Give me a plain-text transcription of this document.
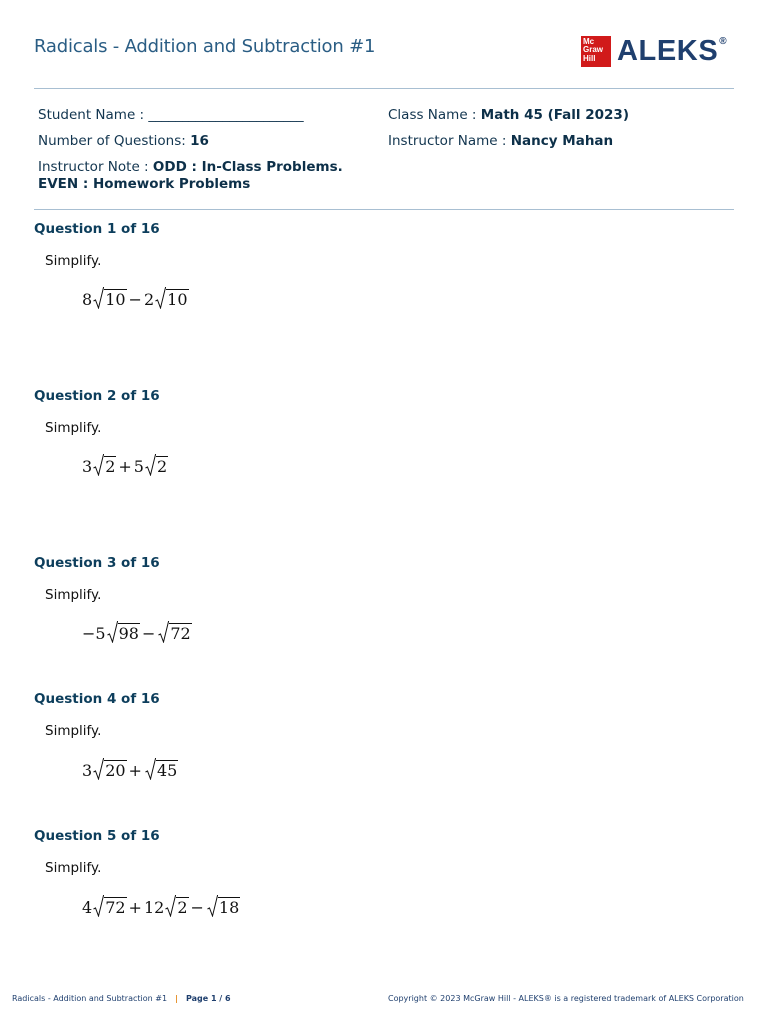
Radicals - Addition and Subtraction #1	Mc
Graw
Hill ALEKS®
Student Name : _______________________	Class Name : Math 45 (Fall 2023)
Number of Questions: 16	Instructor Name : Nancy Mahan
Instructor Note : ODD : In-Class Problems.
EVEN : Homework Problems
Question 1 of 16
Simplify.
8 10 − 2 10
Question 2 of 16
Simplify.
3 2 + 5 2
Question 3 of 16
Simplify.
−5 98 − 72
Question 4 of 16
Simplify.
3 20 + 45
Question 5 of 16
Simplify.
4 72 + 12 2 − 18
Radicals - Addition and Subtraction #1 | Page 1 / 6	Copyright © 2023 McGraw Hill - ALEKS® is a registered trademark of ALEKS Corporation
